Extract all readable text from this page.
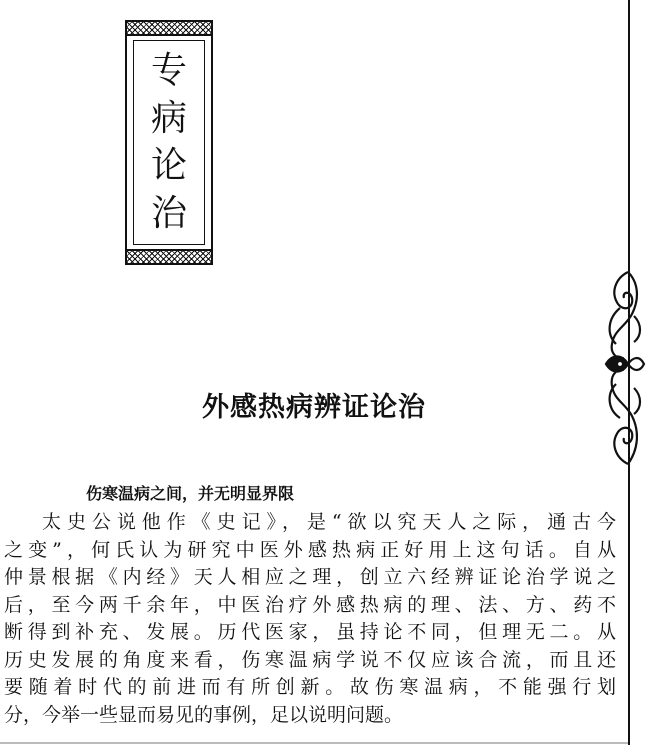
专
病
论
治
外感热病辨证论治
伤寒温病之间，并无明显界限
太史公说他作《史记》，是“欲以究天人之际，通古今
之变”，何氏认为研究中医外感热病正好用上这句话。自从
仲景根据《内经》天人相应之理，创立六经辨证论治学说之
后，至今两千余年，中医治疗外感热病的理、法、方、药不
断得到补充、发展。历代医家，虽持论不同，但理无二。从
历史发展的角度来看，伤寒温病学说不仅应该合流，而且还
要随着时代的前进而有所创新。故伤寒温病，不能强行划
分，今举一些显而易见的事例，足以说明问题。
